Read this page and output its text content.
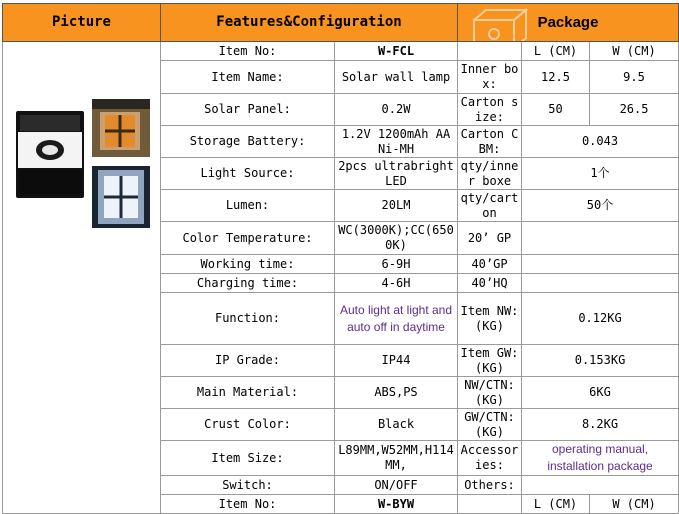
Picture	Features&Configuration		Package		

	Item No:	W-FCL		L (CM)	W (CM)
	Item Name:	Solar wall lamp	Inner box:	12.5	9.5
	Solar Panel:	0.2W	Carton size:	50	26.5
	Storage Battery:	1.2V 1200mAh AA Ni-MH	Carton CBM:	0.043	
	Light Source:	2pcs ultrabright LED	qty/inner boxe	1个	
	Lumen:	20LM	qty/carton	50个	
	Color Temperature:	WC(3000K);CC(6500K)	20’ GP		
	Working time:	6-9H	40’GP		
	Charging time:	4-6H	40’HQ		
	Function:	Auto light at light and auto off in daytime	Item NW:(KG)	0.12KG	
	IP Grade:	IP44	Item GW:(KG)	0.153KG	
	Main Material:	ABS,PS	NW/CTN:(KG)	6KG	
	Crust Color:	Black	GW/CTN:(KG)	8.2KG	
	Item Size:	L89MM,W52MM,H114MM,	Accessories:	operating manual, installation package	
	Switch:	ON/OFF	Others:		
	Item No:	W-BYW		L (CM)	W (CM)
